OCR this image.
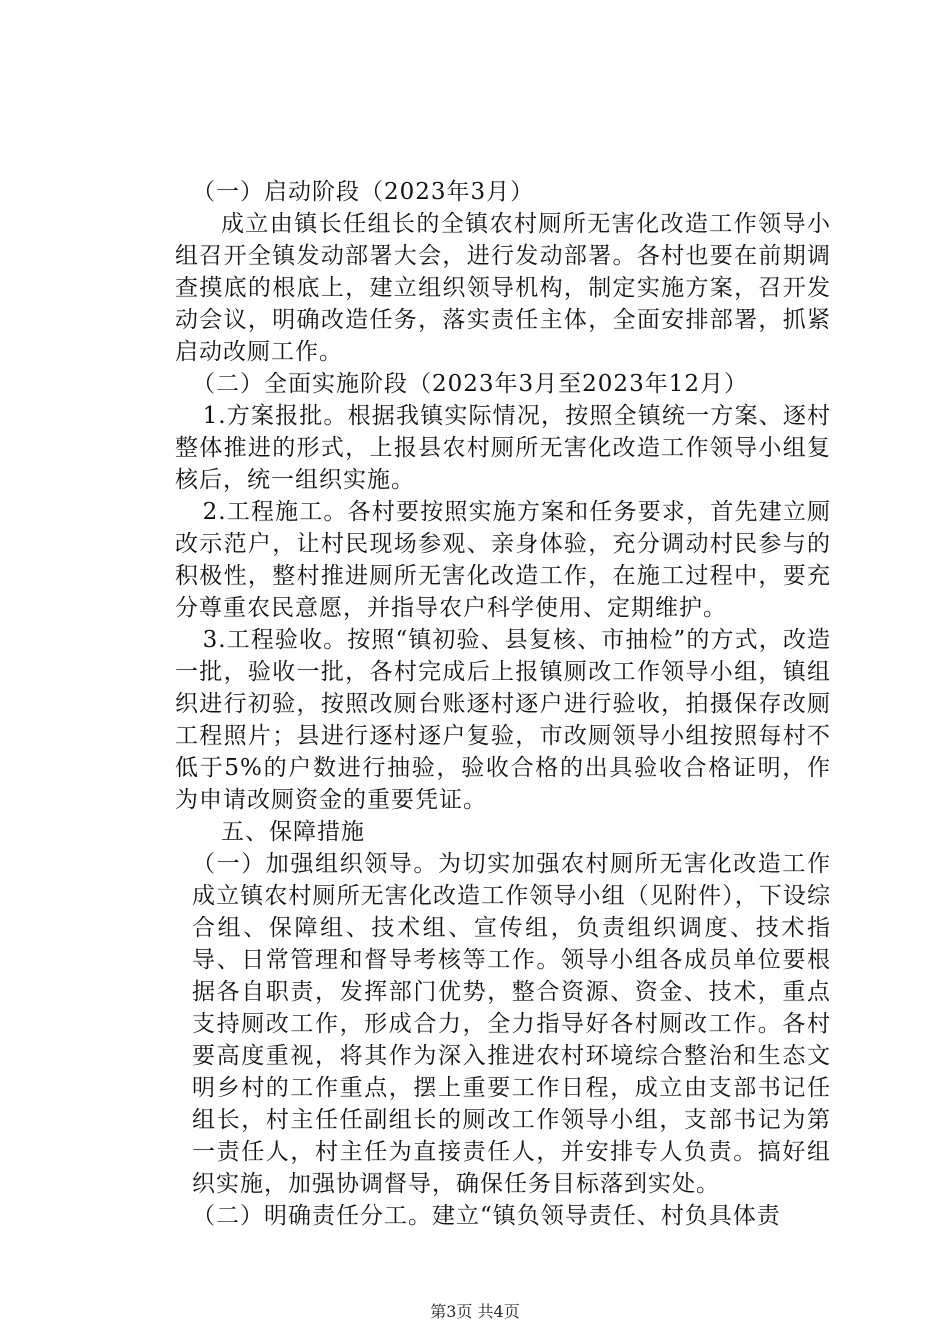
（一）启动阶段（2023年3月）

成立由镇长任组长的全镇农村厕所无害化改造工作领导小组召开全镇发动部署大会，进行发动部署。各村也要在前期调查摸底的根底上，建立组织领导机构，制定实施方案，召开发动会议，明确改造任务，落实责任主体，全面安排部署，抓紧启动改厕工作。

（二）全面实施阶段（2023年3月至2023年12月）

1.方案报批。根据我镇实际情况，按照全镇统一方案、逐村整体推进的形式，上报县农村厕所无害化改造工作领导小组复核后，统一组织实施。

2.工程施工。各村要按照实施方案和任务要求，首先建立厕改示范户，让村民现场参观、亲身体验，充分调动村民参与的积极性，整村推进厕所无害化改造工作，在施工过程中，要充分尊重农民意愿，并指导农户科学使用、定期维护。

3.工程验收。按照“镇初验、县复核、市抽检”的方式，改造一批，验收一批，各村完成后上报镇厕改工作领导小组，镇组织进行初验，按照改厕台账逐村逐户进行验收，拍摄保存改厕工程照片；县进行逐村逐户复验，市改厕领导小组按照每村不低于5%的户数进行抽验，验收合格的出具验收合格证明，作为申请改厕资金的重要凭证。

五、保障措施

（一）加强组织领导。为切实加强农村厕所无害化改造工作成立镇农村厕所无害化改造工作领导小组（见附件），下设综合组、保障组、技术组、宣传组，负责组织调度、技术指导、日常管理和督导考核等工作。领导小组各成员单位要根据各自职责，发挥部门优势，整合资源、资金、技术，重点支持厕改工作，形成合力，全力指导好各村厕改工作。各村要高度重视，将其作为深入推进农村环境综合整治和生态文明乡村的工作重点，摆上重要工作日程，成立由支部书记任组长，村主任任副组长的厕改工作领导小组，支部书记为第一责任人，村主任为直接责任人，并安排专人负责。搞好组织实施，加强协调督导，确保任务目标落到实处。

（二）明确责任分工。建立“镇负领导责任、村负具体责

第3页 共4页
